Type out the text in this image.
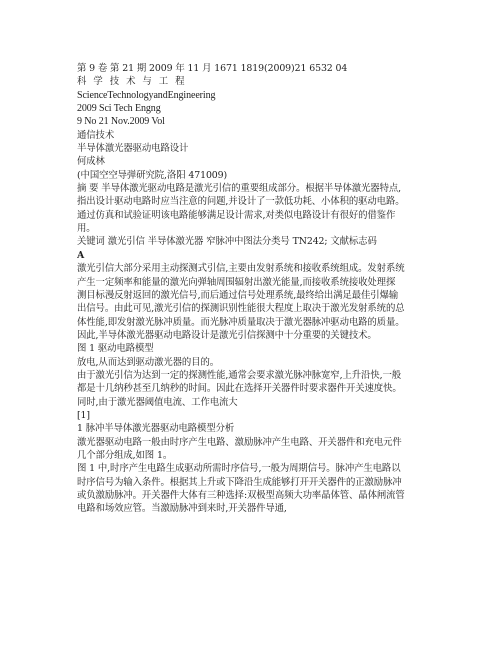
第 9 卷 第 21 期 2009 年 11 月 1671 1819(2009)21 6532 04
科 学 技 术 与 工 程
ScienceTechnologyandEngineering
2009 Sci Tech Engng
9 No 21 Nov.2009 Vol
通信技术
半导体激光器驱动电路设计
何成林
(中国空空导弹研究院,洛阳 471009)
摘 要 半导体激光驱动电路是激光引信的重要组成部分。根据半导体激光器特点,
指出设计驱动电路时应当注意的问题,并设计了一款低功耗、小体积的驱动电路。
通过仿真和试验证明该电路能够满足设计需求,对类似电路设计有很好的借鉴作
用。
关键词 激光引信 半导体激光器 窄脉冲中图法分类号 TN242; 文献标志码
A
激光引信大部分采用主动探测式引信,主要由发射系统和接收系统组成。发射系统
产生一定频率和能量的激光向弹轴周围辐射出激光能量,而接收系统接收处理探
测目标漫反射返回的激光信号,而后通过信号处理系统,最终给出满足最佳引爆输
出信号。由此可见,激光引信的探测识别性能很大程度上取决于激光发射系统的总
体性能,即发射激光脉冲质量。而光脉冲质量取决于激光器脉冲驱动电路的质量。
因此,半导体激光器驱动电路设计是激光引信探测中十分重要的关键技术。
图 1 驱动电路模型
放电,从而达到驱动激光器的目的。
由于激光引信为达到一定的探测性能,通常会要求激光脉冲脉宽窄,上升沿快,一般
都是十几纳秒甚至几纳秒的时间。因此在选择开关器件时要求器件开关速度快。
同时,由于激光器阈值电流、工作电流大
[1]
1 脉冲半导体激光器驱动电路模型分析
激光器驱动电路一般由时序产生电路、激励脉冲产生电路、开关器件和充电元件
几个部分组成,如图 1。
图 1 中,时序产生电路生成驱动所需时序信号,一般为周期信号。脉冲产生电路以
时序信号为输入条件。根据其上升或下降沿生成能够打开开关器件的正激励脉冲
或负激励脉冲。开关器件大体有三种选择:双极型高频大功率晶体管、晶体闸流管
电路和场效应管。当激励脉冲到来时,开关器件导通,
